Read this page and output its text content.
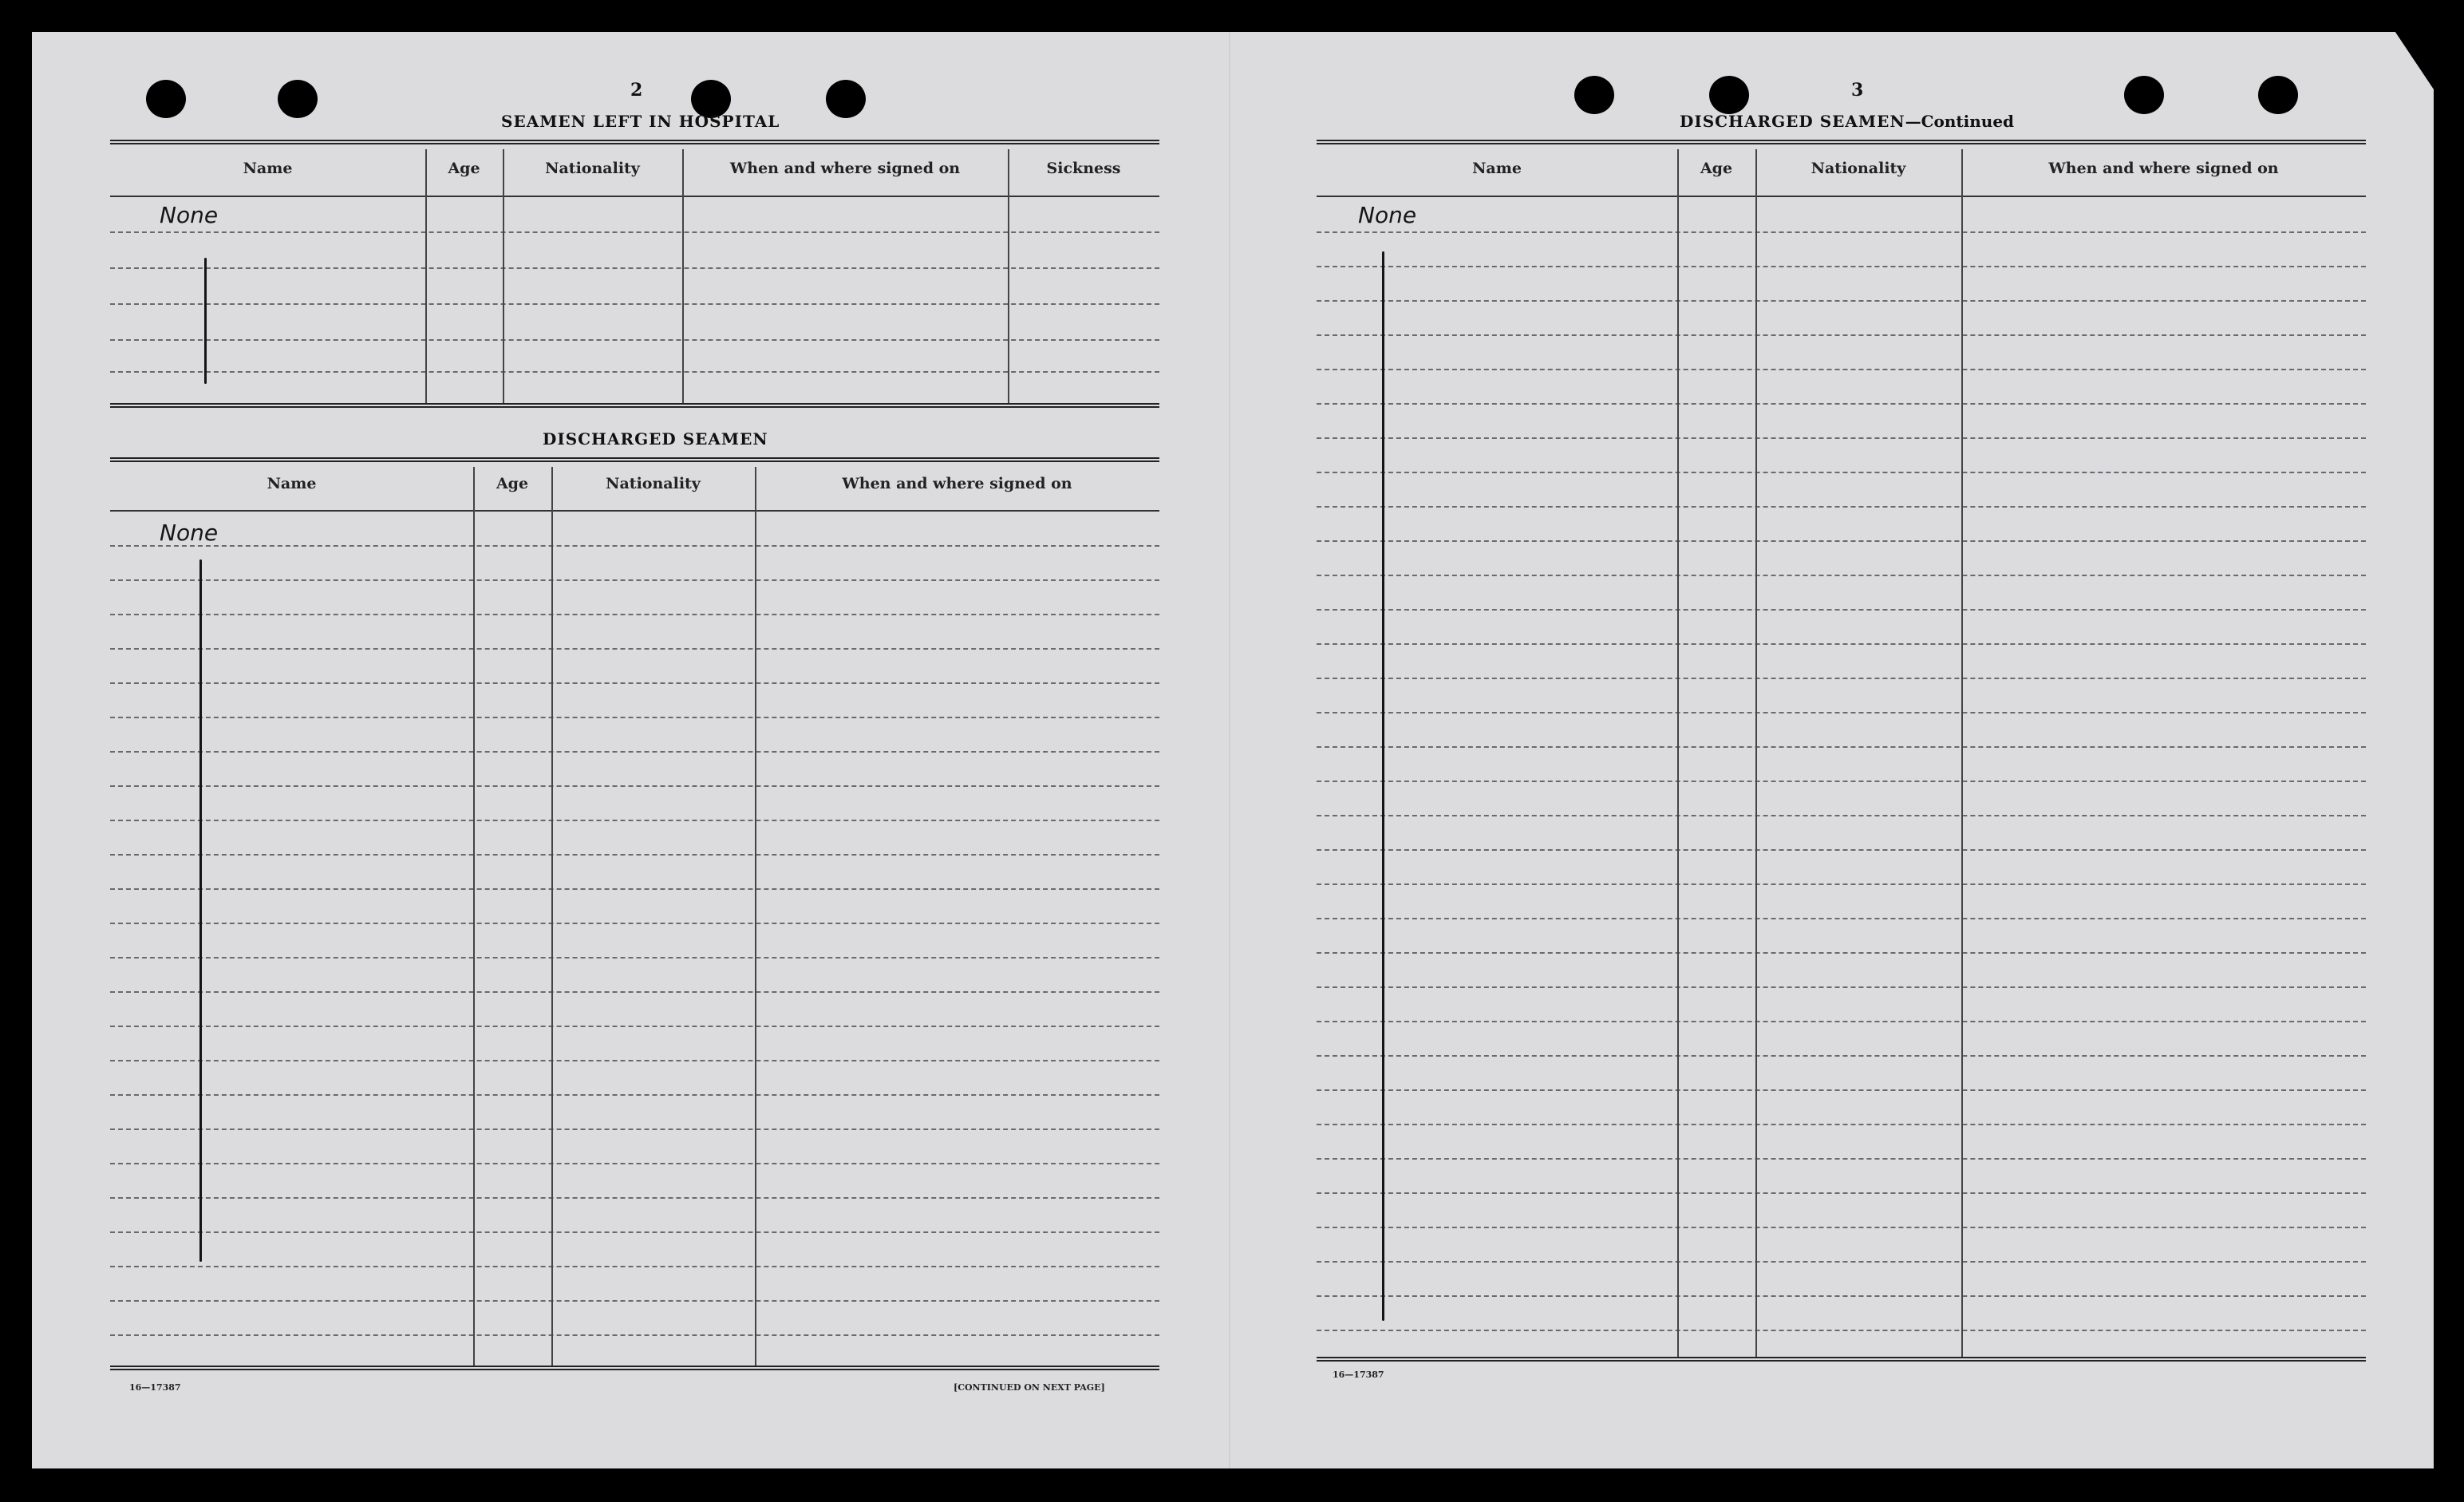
2
SEAMEN LEFT IN HOSPITAL
Name	Age	Nationality	When and where signed on	Sickness
None
DISCHARGED SEAMEN
Name	Age	Nationality	When and where signed on
None
16—17387	[CONTINUED ON NEXT PAGE]
3
DISCHARGED SEAMEN—Continued
Name	Age	Nationality	When and where signed on
None
16—17387
